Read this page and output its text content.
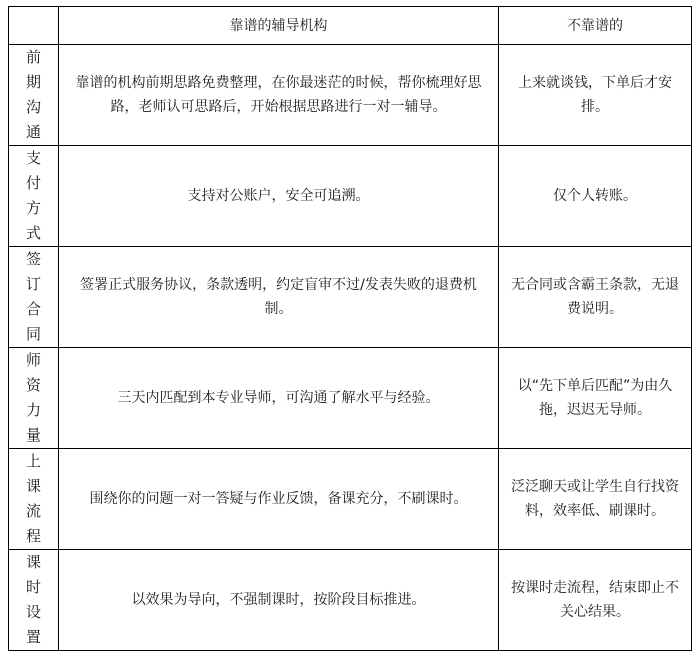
	靠谱的辅导机构	不靠谱的
前期沟通	靠谱的机构前期思路免费整理，在你最迷茫的时候，帮你梳理好思路，老师认可思路后，开始根据思路进行一对一辅导。	上来就谈钱，下单后才安排。
支付方式	支持对公账户，安全可追溯。	仅个人转账。
签订合同	签署正式服务协议，条款透明，约定盲审不过/发表失败的退费机制。	无合同或含霸王条款，无退费说明。
师资力量	三天内匹配到本专业导师，可沟通了解水平与经验。	以“先下单后匹配”为由久拖，迟迟无导师。
上课流程	围绕你的问题一对一答疑与作业反馈，备课充分，不刷课时。	泛泛聊天或让学生自行找资料，效率低、刷课时。
课时设置	以效果为导向，不强制课时，按阶段目标推进。	按课时走流程，结束即止不关心结果。
